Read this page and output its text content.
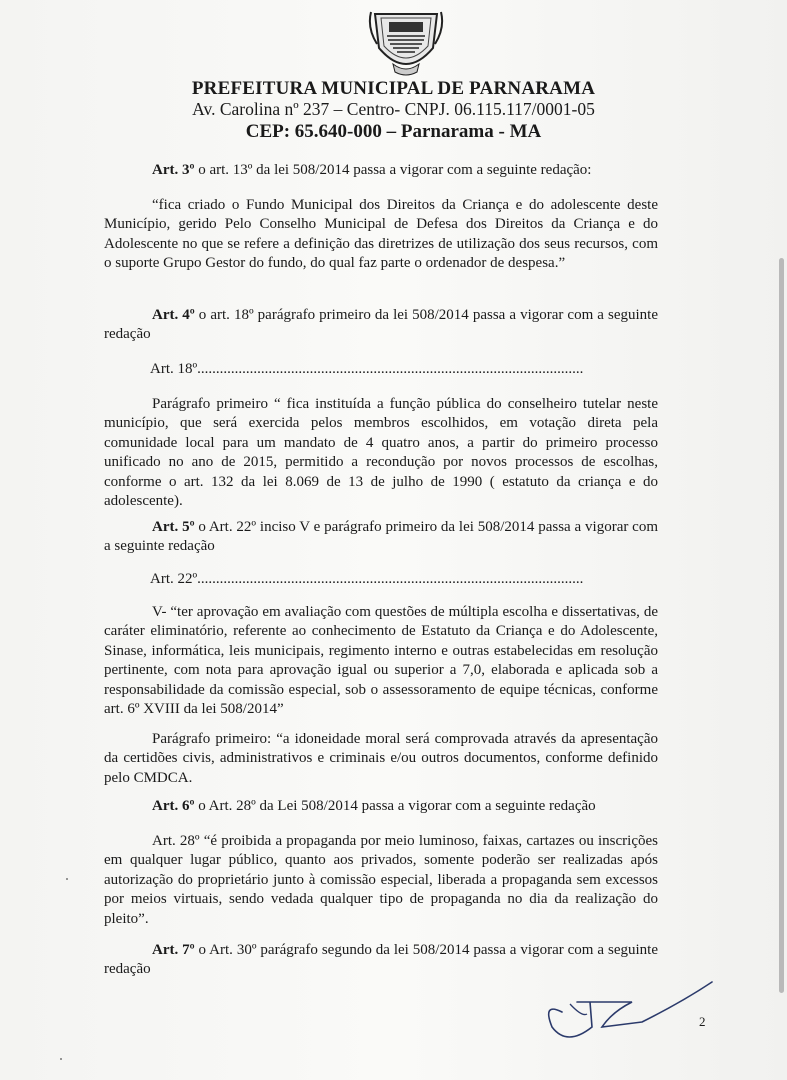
PREFEITURA MUNICIPAL DE PARNARAMA
Av. Carolina nº 237 – Centro- CNPJ. 06.115.117/0001-05
CEP: 65.640-000 – Parnarama - MA

Art. 3º o art. 13º da lei 508/2014 passa a vigorar com a seguinte redação:

“fica criado o Fundo Municipal dos Direitos da Criança e do adolescente deste Município, gerido Pelo Conselho Municipal de Defesa dos Direitos da Criança e do Adolescente no que se refere a definição das diretrizes de utilização dos seus recursos, com o suporte Grupo Gestor do fundo, do qual faz parte o ordenador de despesa.”

Art. 4º o art. 18º parágrafo primeiro da lei 508/2014 passa a vigorar com a seguinte redação

Art. 18º.......................................................................................................

Parágrafo primeiro “ fica instituída a função pública do conselheiro tutelar neste município, que será exercida pelos membros escolhidos, em votação direta pela comunidade local para um mandato de 4 quatro anos, a partir do primeiro processo unificado no ano de 2015, permitido a recondução por novos processos de escolhas, conforme o art. 132 da lei 8.069 de 13 de julho de 1990 ( estatuto da criança e do adolescente).

Art. 5º o Art. 22º inciso V e parágrafo primeiro da lei 508/2014 passa a vigorar com a seguinte redação

Art. 22º.......................................................................................................

V- “ter aprovação em avaliação com questões de múltipla escolha e dissertativas, de caráter eliminatório, referente ao conhecimento de Estatuto da Criança e do Adolescente, Sinase, informática, leis municipais, regimento interno e outras estabelecidas em resolução pertinente, com nota para aprovação igual ou superior a 7,0, elaborada e aplicada sob a responsabilidade da comissão especial, sob o assessoramento de equipe técnicas, conforme art. 6º XVIII da lei 508/2014”

Parágrafo primeiro: “a idoneidade moral será comprovada através da apresentação da certidões civis, administrativos e criminais e/ou outros documentos, conforme definido pelo CMDCA.

Art. 6º o Art. 28º da Lei 508/2014 passa a vigorar com a seguinte redação

Art. 28º “é proibida a propaganda por meio luminoso, faixas, cartazes ou inscrições em qualquer lugar público, quanto aos privados, somente poderão ser realizadas após autorização do proprietário junto à comissão especial, liberada a propaganda sem excessos por meios virtuais, sendo vedada qualquer tipo de propaganda no dia da realização do pleito”.

Art. 7º o Art. 30º parágrafo segundo da lei 508/2014 passa a vigorar com a seguinte redação

2
